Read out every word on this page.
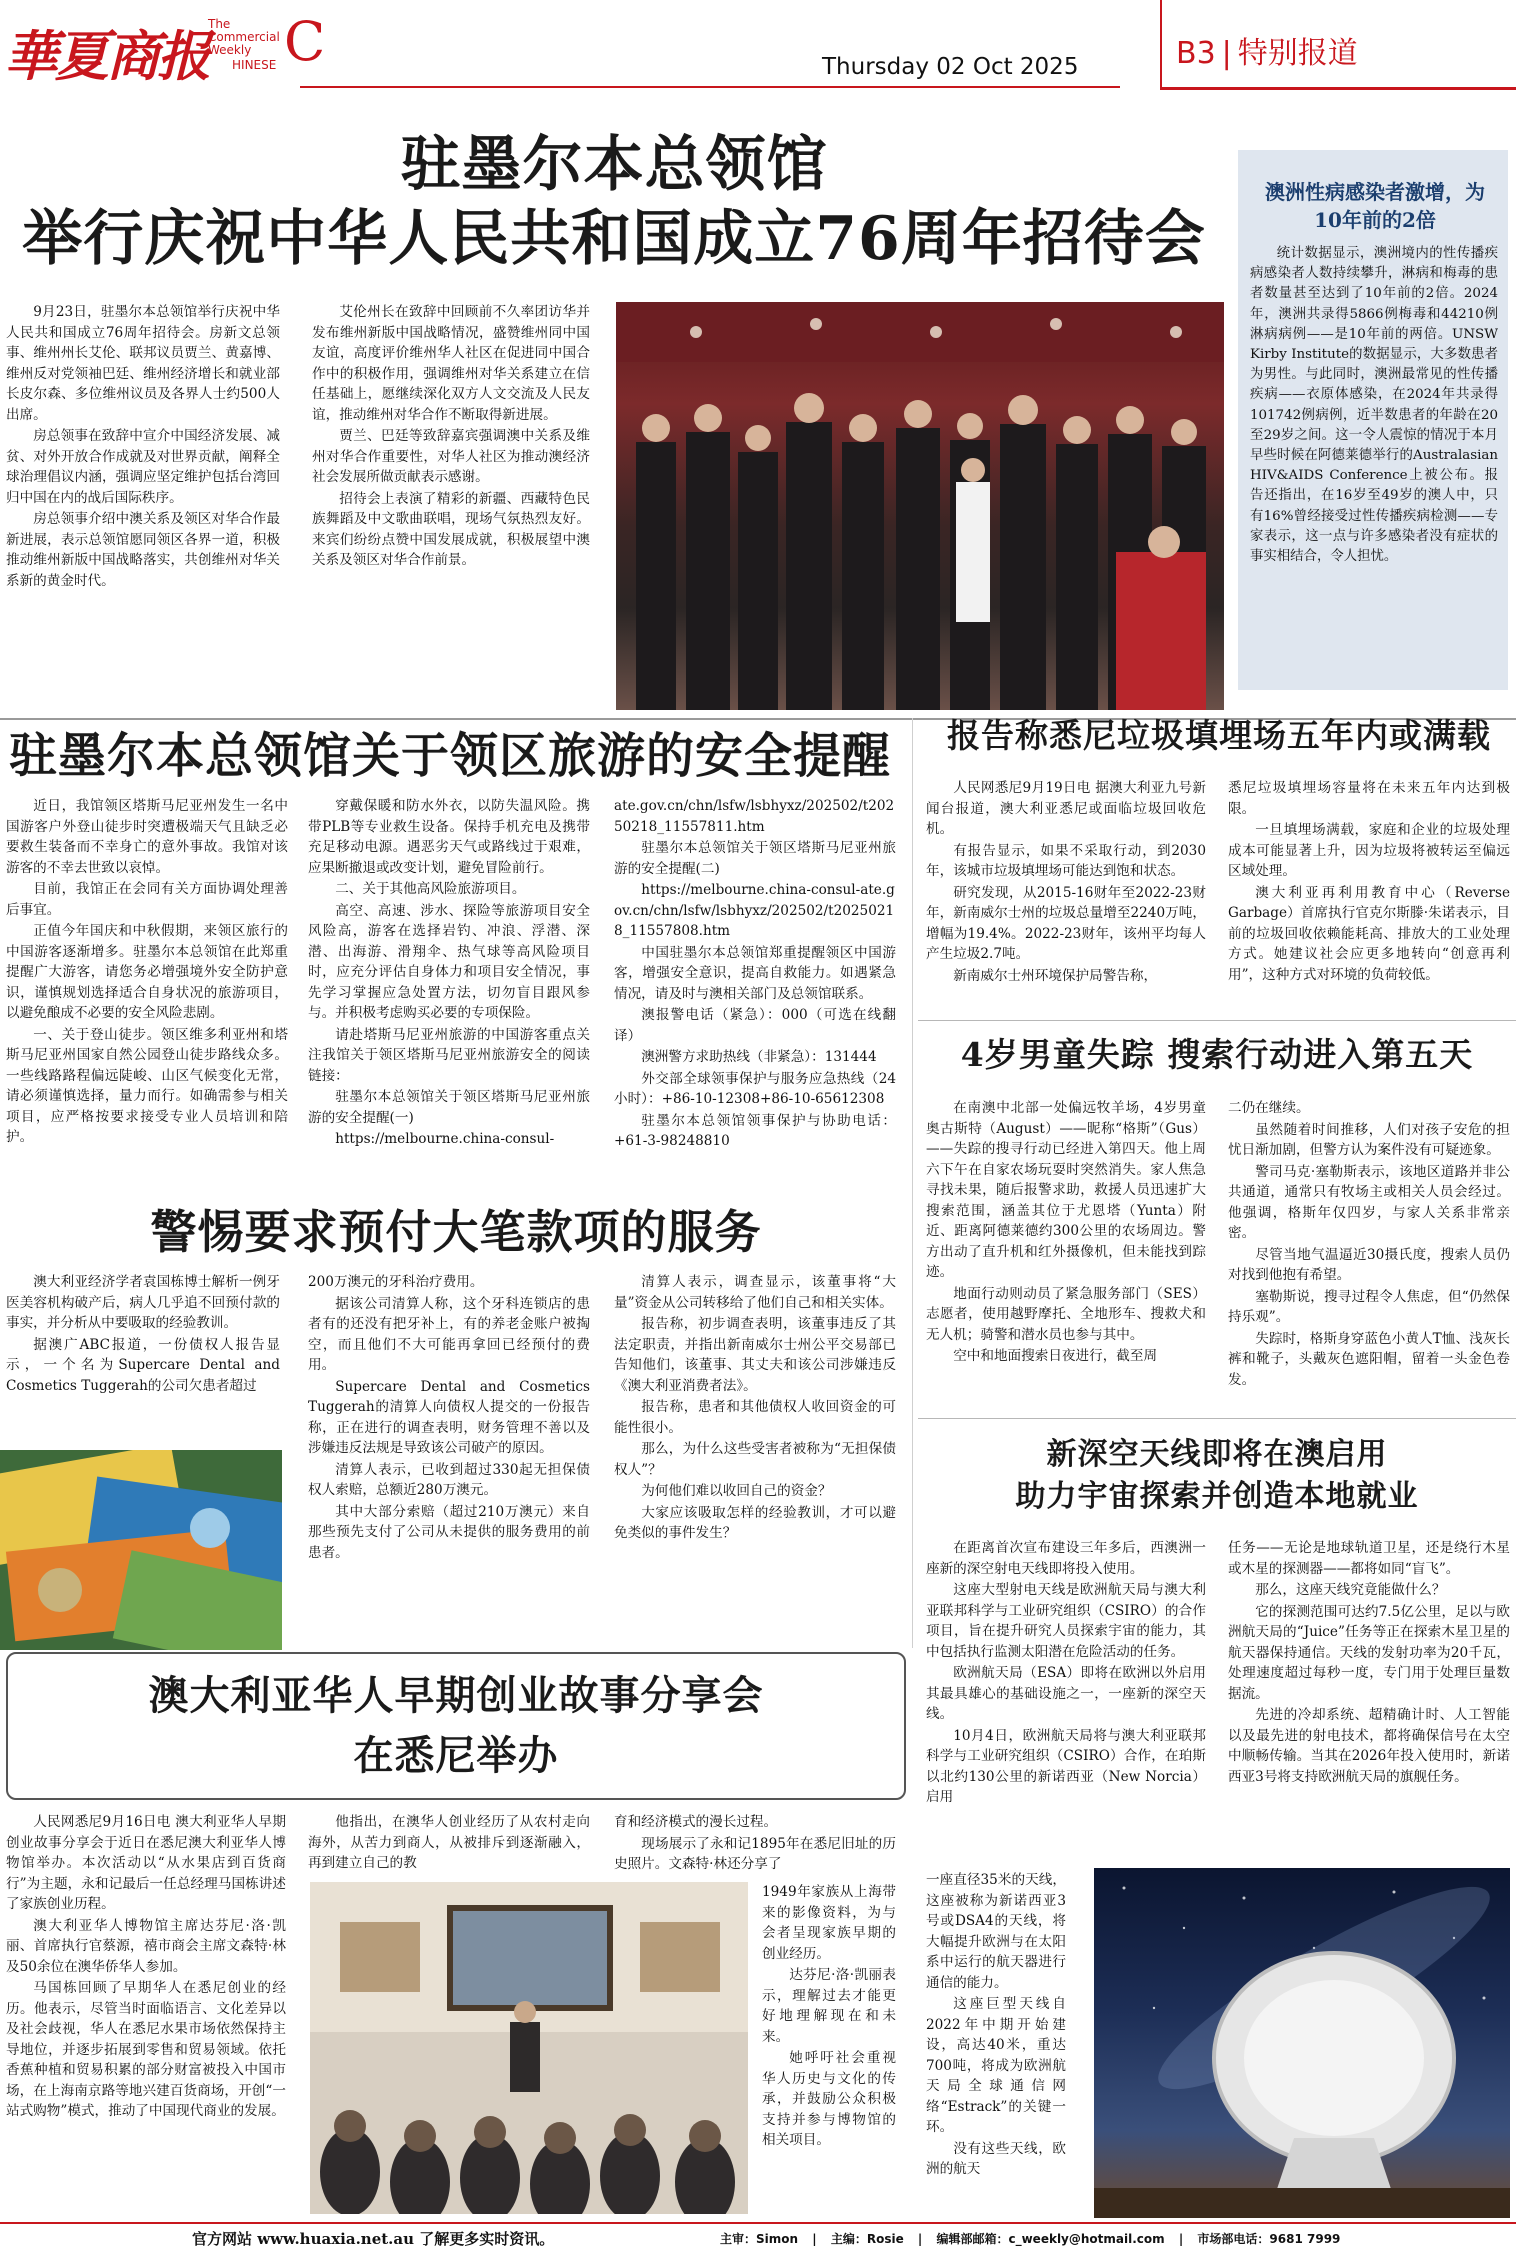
華夏商报 C
The Commercial Weekly
HINESE	Thursday 02 Oct 2025	B3 | 特别报道
驻墨尔本总领馆
举行庆祝中华人民共和国成立76周年招待会

9月23日，驻墨尔本总领馆举行庆祝中华人民共和国成立76周年招待会。房新文总领事、维州州长艾伦、联邦议员贾兰、黄嘉博、维州反对党领袖巴廷、维州经济增长和就业部长皮尔森、多位维州议员及各界人士约500人出席。

房总领事在致辞中宣介中国经济发展、减贫、对外开放合作成就及对世界贡献，阐释全球治理倡议内涵，强调应坚定维护包括台湾回归中国在内的战后国际秩序。

房总领事介绍中澳关系及领区对华合作最新进展，表示总领馆愿同领区各界一道，积极推动维州新版中国战略落实，共创维州对华关系新的黄金时代。

艾伦州长在致辞中回顾前不久率团访华并发布维州新版中国战略情况，盛赞维州同中国友谊，高度评价维州华人社区在促进同中国合作中的积极作用，强调维州对华关系建立在信任基础上，愿继续深化双方人文交流及人民友谊，推动维州对华合作不断取得新进展。

贾兰、巴廷等致辞嘉宾强调澳中关系及维州对华合作重要性，对华人社区为推动澳经济社会发展所做贡献表示感谢。

招待会上表演了精彩的新疆、西藏特色民族舞蹈及中文歌曲联唱，现场气氛热烈友好。来宾们纷纷点赞中国发展成就，积极展望中澳关系及领区对华合作前景。

澳洲性病感染者激增，为10年前的2倍

统计数据显示，澳洲境内的性传播疾病感染者人数持续攀升，淋病和梅毒的患者数量甚至达到了10年前的2倍。2024年，澳洲共录得5866例梅毒和44210例淋病病例——是10年前的两倍。UNSW Kirby Institute的数据显示，大多数患者为男性。与此同时，澳洲最常见的性传播疾病——衣原体感染，在2024年共录得101742例病例，近半数患者的年龄在20至29岁之间。这一令人震惊的情况于本月早些时候在阿德莱德举行的Australasian HIV&AIDS Conference上被公布。报告还指出，在16岁至49岁的澳人中，只有16%曾经接受过性传播疾病检测——专家表示，这一点与许多感染者没有症状的事实相结合，令人担忧。

驻墨尔本总领馆关于领区旅游的安全提醒

近日，我馆领区塔斯马尼亚州发生一名中国游客户外登山徒步时突遭极端天气且缺乏必要救生装备而不幸身亡的意外事故。我馆对该游客的不幸去世致以哀悼。

目前，我馆正在会同有关方面协调处理善后事宜。

正值今年国庆和中秋假期，来领区旅行的中国游客逐渐增多。驻墨尔本总领馆在此郑重提醒广大游客，请您务必增强境外安全防护意识，谨慎规划选择适合自身状况的旅游项目，以避免酿成不必要的安全风险悲剧。

一、关于登山徒步。领区维多利亚州和塔斯马尼亚州国家自然公园登山徒步路线众多。一些线路路程偏远陡峻、山区气候变化无常，请必须谨慎选择，量力而行。如确需参与相关项目，应严格按要求接受专业人员培训和陪护。

穿戴保暖和防水外衣，以防失温风险。携带PLB等专业救生设备。保持手机充电及携带充足移动电源。遇恶劣天气或路线过于艰难，应果断撤退或改变计划，避免冒险前行。

二、关于其他高风险旅游项目。

高空、高速、涉水、探险等旅游项目安全风险高，游客在选择岩钓、冲浪、浮潜、深潜、出海游、滑翔伞、热气球等高风险项目时，应充分评估自身体力和项目安全情况，事先学习掌握应急处置方法，切勿盲目跟风参与。并积极考虑购买必要的专项保险。

请赴塔斯马尼亚州旅游的中国游客重点关注我馆关于领区塔斯马尼亚州旅游安全的阅读链接：

驻墨尔本总领馆关于领区塔斯马尼亚州旅游的安全提醒(一)

https://melbourne.china-consul-

ate.gov.cn/chn/lsfw/lsbhyxz/202502/t20250218_11557811.htm

驻墨尔本总领馆关于领区塔斯马尼亚州旅游的安全提醒(二)

https://melbourne.china-consul-ate.gov.cn/chn/lsfw/lsbhyxz/202502/t20250218_11557808.htm

中国驻墨尔本总领馆郑重提醒领区中国游客，增强安全意识，提高自救能力。如遇紧急情况，请及时与澳相关部门及总领馆联系。

澳报警电话（紧急）：000（可选在线翻译）

澳洲警方求助热线（非紧急）：131444

外交部全球领事保护与服务应急热线（24小时）：+86-10-12308+86-10-65612308

驻墨尔本总领馆领事保护与协助电话：+61-3-98248810

报告称悉尼垃圾填埋场五年内或满载

人民网悉尼9月19日电 据澳大利亚九号新闻台报道，澳大利亚悉尼或面临垃圾回收危机。

有报告显示，如果不采取行动，到2030年，该城市垃圾填埋场可能达到饱和状态。

研究发现，从2015-16财年至2022-23财年，新南威尔士州的垃圾总量增至2240万吨，增幅为19.4%。2022-23财年，该州平均每人产生垃圾2.7吨。

新南威尔士州环境保护局警告称，

悉尼垃圾填埋场容量将在未来五年内达到极限。

一旦填埋场满载，家庭和企业的垃圾处理成本可能显著上升，因为垃圾将被转运至偏远区域处理。

澳大利亚再利用教育中心（Reverse Garbage）首席执行官克尔斯滕·朱诺表示，目前的垃圾回收依赖能耗高、排放大的工业处理方式。她建议社会应更多地转向“创意再利用”，这种方式对环境的负荷较低。

4岁男童失踪 搜索行动进入第五天

在南澳中北部一处偏远牧羊场，4岁男童奥古斯特（August）——昵称“格斯”（Gus）——失踪的搜寻行动已经进入第四天。他上周六下午在自家农场玩耍时突然消失。家人焦急寻找未果，随后报警求助，救援人员迅速扩大搜索范围，涵盖其位于尤恩塔（Yunta）附近、距离阿德莱德约300公里的农场周边。警方出动了直升机和红外摄像机，但未能找到踪迹。

地面行动则动员了紧急服务部门（SES）志愿者，使用越野摩托、全地形车、搜救犬和无人机；骑警和潜水员也参与其中。

空中和地面搜索日夜进行，截至周

二仍在继续。

虽然随着时间推移，人们对孩子安危的担忧日渐加剧，但警方认为案件没有可疑迹象。

警司马克·塞勒斯表示，该地区道路并非公共通道，通常只有牧场主或相关人员会经过。他强调，格斯年仅四岁，与家人关系非常亲密。

尽管当地气温逼近30摄氏度，搜索人员仍对找到他抱有希望。

塞勒斯说，搜寻过程令人焦虑，但“仍然保持乐观”。

失踪时，格斯身穿蓝色小黄人T恤、浅灰长裤和靴子，头戴灰色遮阳帽，留着一头金色卷发。

警惕要求预付大笔款项的服务

澳大利亚经济学者袁国栋博士解析一例牙医美容机构破产后，病人几乎追不回预付款的事实，并分析从中要吸取的经验教训。

据澳广ABC报道，一份债权人报告显示，一个名为Supercare Dental and Cosmetics Tuggerah的公司欠患者超过

200万澳元的牙科治疗费用。

据该公司清算人称，这个牙科连锁店的患者有的还没有把牙补上，有的养老金账户被掏空，而且他们不大可能再拿回已经预付的费用。

Supercare Dental and Cosmetics Tuggerah的清算人向债权人提交的一份报告称，正在进行的调查表明，财务管理不善以及涉嫌违反法规是导致该公司破产的原因。

清算人表示，已收到超过330起无担保债权人索赔，总额近280万澳元。

其中大部分索赔（超过210万澳元）来自那些预先支付了公司从未提供的服务费用的前患者。

清算人表示，调查显示，该董事将“大量”资金从公司转移给了他们自己和相关实体。

报告称，初步调查表明，该董事违反了其法定职责，并指出新南威尔士州公平交易部已告知他们，该董事、其丈夫和该公司涉嫌违反《澳大利亚消费者法》。

报告称，患者和其他债权人收回资金的可能性很小。

那么，为什么这些受害者被称为“无担保债权人”？

为何他们难以收回自己的资金？

大家应该吸取怎样的经验教训，才可以避免类似的事件发生？

新深空天线即将在澳启用
助力宇宙探索并创造本地就业

在距离首次宣布建设三年多后，西澳洲一座新的深空射电天线即将投入使用。

这座大型射电天线是欧洲航天局与澳大利亚联邦科学与工业研究组织（CSIRO）的合作项目，旨在提升研究人员探索宇宙的能力，其中包括执行监测太阳潜在危险活动的任务。

欧洲航天局（ESA）即将在欧洲以外启用其最具雄心的基础设施之一，一座新的深空天线。

10月4日，欧洲航天局将与澳大利亚联邦科学与工业研究组织（CSIRO）合作，在珀斯以北约130公里的新诺西亚（New Norcia）启用

一座直径35米的天线，这座被称为新诺西亚3号或DSA4的天线，将大幅提升欧洲与在太阳系中运行的航天器进行通信的能力。

这座巨型天线自2022年中期开始建设，高达40米，重达700吨，将成为欧洲航天局全球通信网络“Estrack”的关键一环。

没有这些天线，欧洲的航天

任务——无论是地球轨道卫星，还是绕行木星或木星的探测器——都将如同“盲飞”。

那么，这座天线究竟能做什么？

它的探测范围可达约7.5亿公里，足以与欧洲航天局的“Juice”任务等正在探索木星卫星的航天器保持通信。天线的发射功率为20千瓦，处理速度超过每秒一度，专门用于处理巨量数据流。

先进的冷却系统、超精确计时、人工智能以及最先进的射电技术，都将确保信号在太空中顺畅传输。当其在2026年投入使用时，新诺西亚3号将支持欧洲航天局的旗舰任务。

澳大利亚华人早期创业故事分享会
在悉尼举办

人民网悉尼9月16日电 澳大利亚华人早期创业故事分享会于近日在悉尼澳大利亚华人博物馆举办。本次活动以“从水果店到百货商行”为主题，永和记最后一任总经理马国栋讲述了家族创业历程。

澳大利亚华人博物馆主席达芬尼·洛·凯丽、首席执行官蔡源，禧市商会主席文森特·林及50余位在澳华侨华人参加。

马国栋回顾了早期华人在悉尼创业的经历。他表示，尽管当时面临语言、文化差异以及社会歧视，华人在悉尼水果市场依然保持主导地位，并逐步拓展到零售和贸易领域。依托香蕉种植和贸易积累的部分财富被投入中国市场，在上海南京路等地兴建百货商场，开创“一站式购物”模式，推动了中国现代商业的发展。

他指出，在澳华人创业经历了从农村走向海外，从苦力到商人，从被排斥到逐渐融入，再到建立自己的教

育和经济模式的漫长过程。

现场展示了永和记1895年在悉尼旧址的历史照片。文森特·林还分享了

1949年家族从上海带来的影像资料，为与会者呈现家族早期的创业经历。

达芬尼·洛·凯丽表示，理解过去才能更好地理解现在和未来。

她呼吁社会重视华人历史与文化的传承，并鼓励公众积极支持并参与博物馆的相关项目。

官方网站 www.huaxia.net.au 了解更多实时资讯。	主审：Simon | 主编：Rosie | 编辑部邮箱：c_weekly@hotmail.com | 市场部电话：9681 7999
